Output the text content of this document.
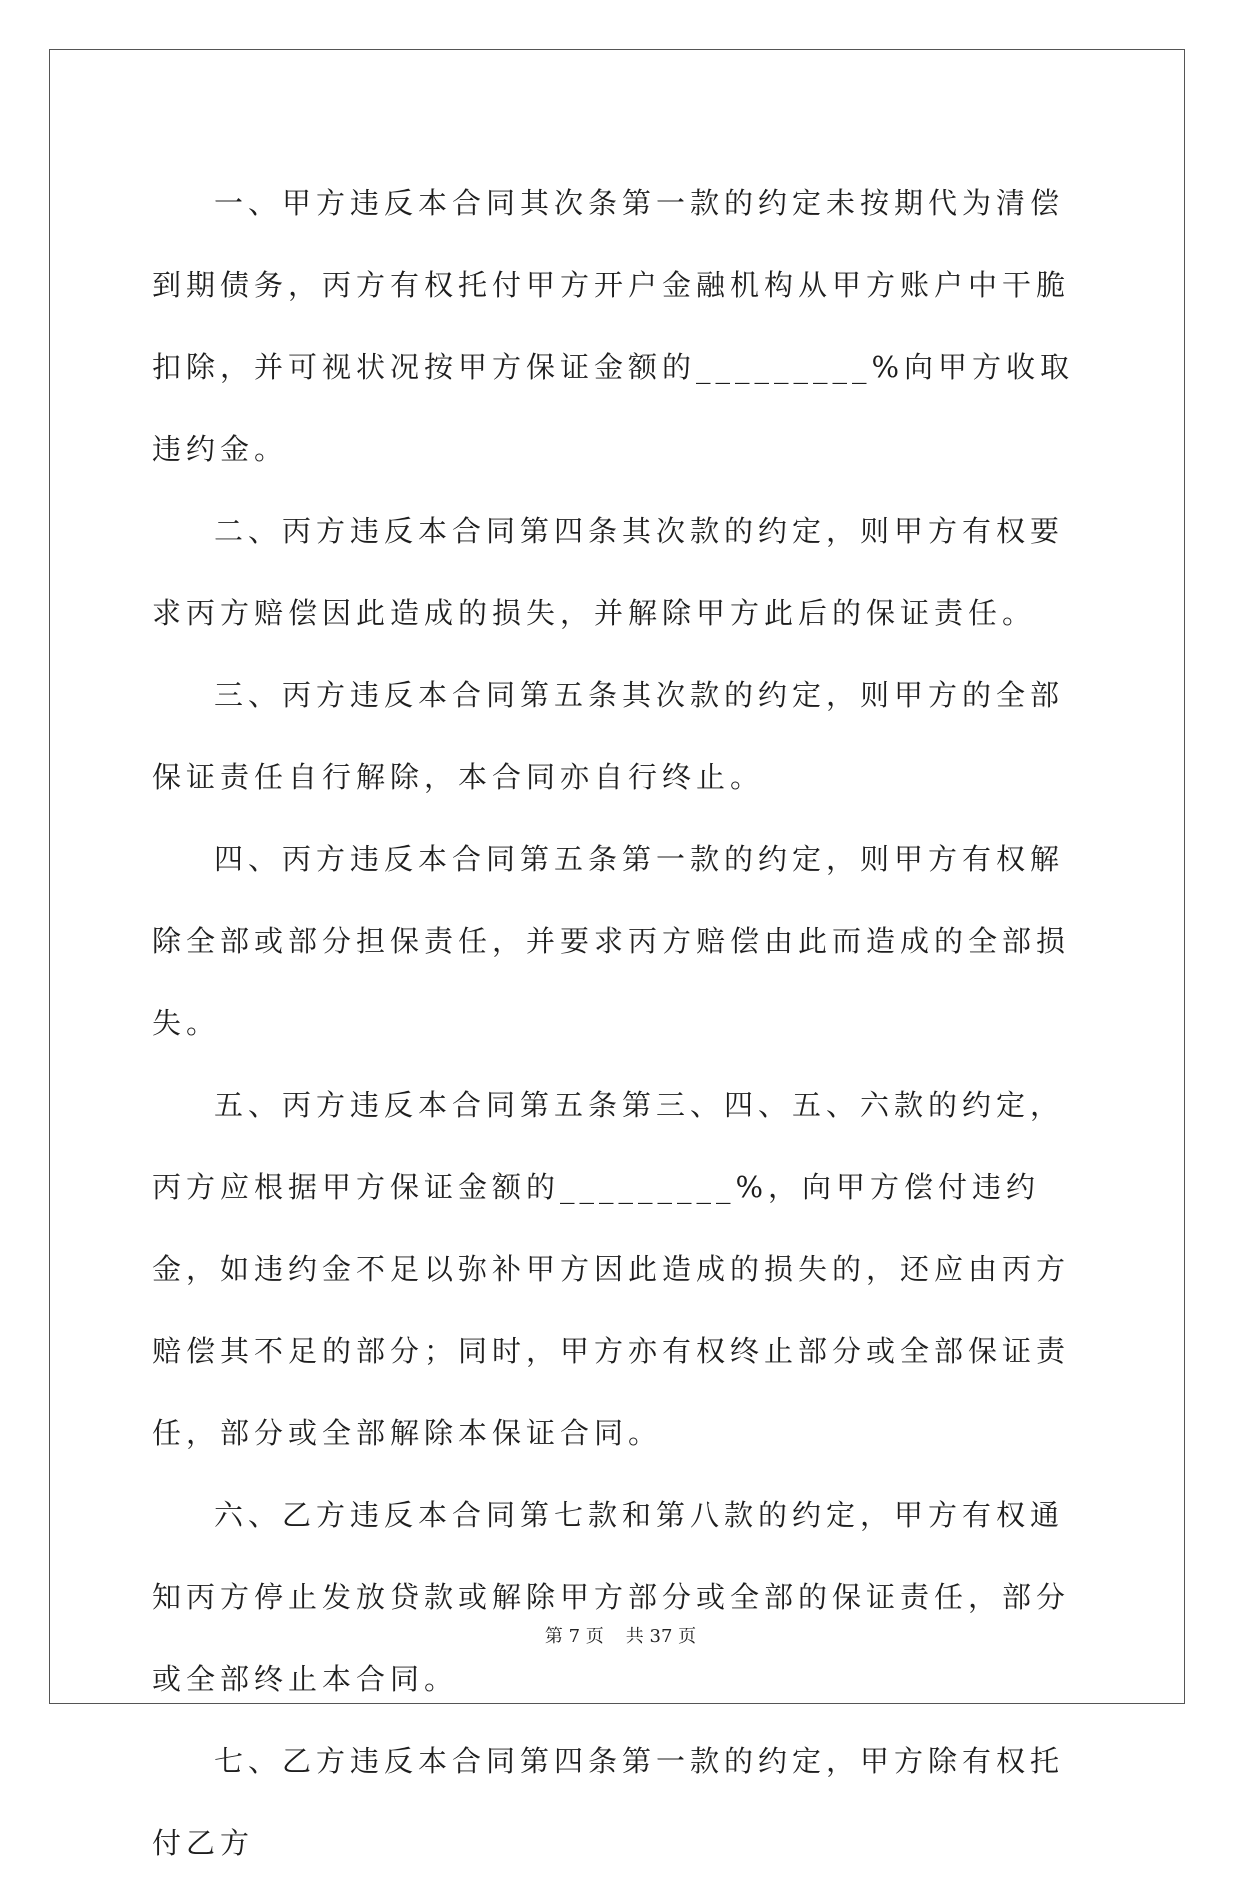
一、甲方违反本合同其次条第一款的约定未按期代为清偿到期债务，丙方有权托付甲方开户金融机构从甲方账户中干脆扣除，并可视状况按甲方保证金额的_________%向甲方收取违约金。

二、丙方违反本合同第四条其次款的约定，则甲方有权要求丙方赔偿因此造成的损失，并解除甲方此后的保证责任。

三、丙方违反本合同第五条其次款的约定，则甲方的全部保证责任自行解除，本合同亦自行终止。

四、丙方违反本合同第五条第一款的约定，则甲方有权解除全部或部分担保责任，并要求丙方赔偿由此而造成的全部损失。

五、丙方违反本合同第五条第三、四、五、六款的约定，丙方应根据甲方保证金额的_________%，向甲方偿付违约金，如违约金不足以弥补甲方因此造成的损失的，还应由丙方赔偿其不足的部分；同时，甲方亦有权终止部分或全部保证责任，部分或全部解除本保证合同。

六、乙方违反本合同第七款和第八款的约定，甲方有权通知丙方停止发放贷款或解除甲方部分或全部的保证责任，部分或全部终止本合同。

七、乙方违反本合同第四条第一款的约定，甲方除有权托付乙方

第 7 页 共 37 页
